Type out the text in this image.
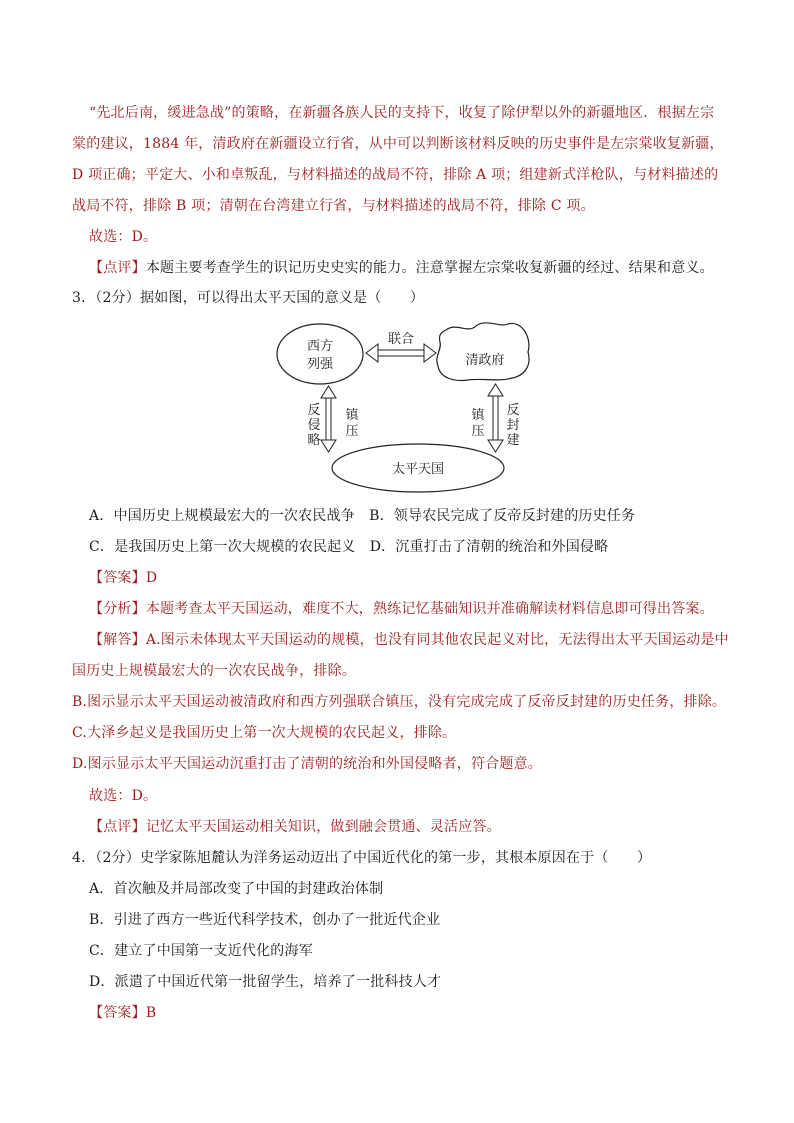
“先北后南，缓进急战”的策略，在新疆各族人民的支持下，收复了除伊犁以外的新疆地区．根据左宗
棠的建议，1884 年，清政府在新疆设立行省，从中可以判断该材料反映的历史事件是左宗棠收复新疆，
D 项正确；平定大、小和卓叛乱，与材料描述的战局不符，排除 A 项；组建新式洋枪队，与材料描述的
战局不符，排除 B 项；清朝在台湾建立行省，与材料描述的战局不符，排除 C 项。
故选：D。
【点评】本题主要考查学生的识记历史史实的能力。注意掌握左宗棠收复新疆的经过、结果和意义。
3．（2分）据如图，可以得出太平天国的意义是（　　）
西方
列强	清政府
联合
反
侵
略
镇
压
镇
压
反
封
建
太平天国
A．中国历史上规模最宏大的一次农民战争　B．领导农民完成了反帝反封建的历史任务
C．是我国历史上第一次大规模的农民起义　D．沉重打击了清朝的统治和外国侵略
【答案】D
【分析】本题考查太平天国运动，难度不大，熟练记忆基础知识并准确解读材料信息即可得出答案。
【解答】A.图示未体现太平天国运动的规模，也没有同其他农民起义对比，无法得出太平天国运动是中
国历史上规模最宏大的一次农民战争，排除。
B.图示显示太平天国运动被清政府和西方列强联合镇压，没有完成完成了反帝反封建的历史任务，排除。
C.大泽乡起义是我国历史上第一次大规模的农民起义，排除。
D.图示显示太平天国运动沉重打击了清朝的统治和外国侵略者，符合题意。
故选：D。
【点评】记忆太平天国运动相关知识，做到融会贯通、灵活应答。
4．（2分）史学家陈旭麓认为洋务运动迈出了中国近代化的第一步，其根本原因在于（　　）
A．首次触及并局部改变了中国的封建政治体制
B．引进了西方一些近代科学技术，创办了一批近代企业
C．建立了中国第一支近代化的海军
D．派遣了中国近代第一批留学生，培养了一批科技人才
【答案】B
